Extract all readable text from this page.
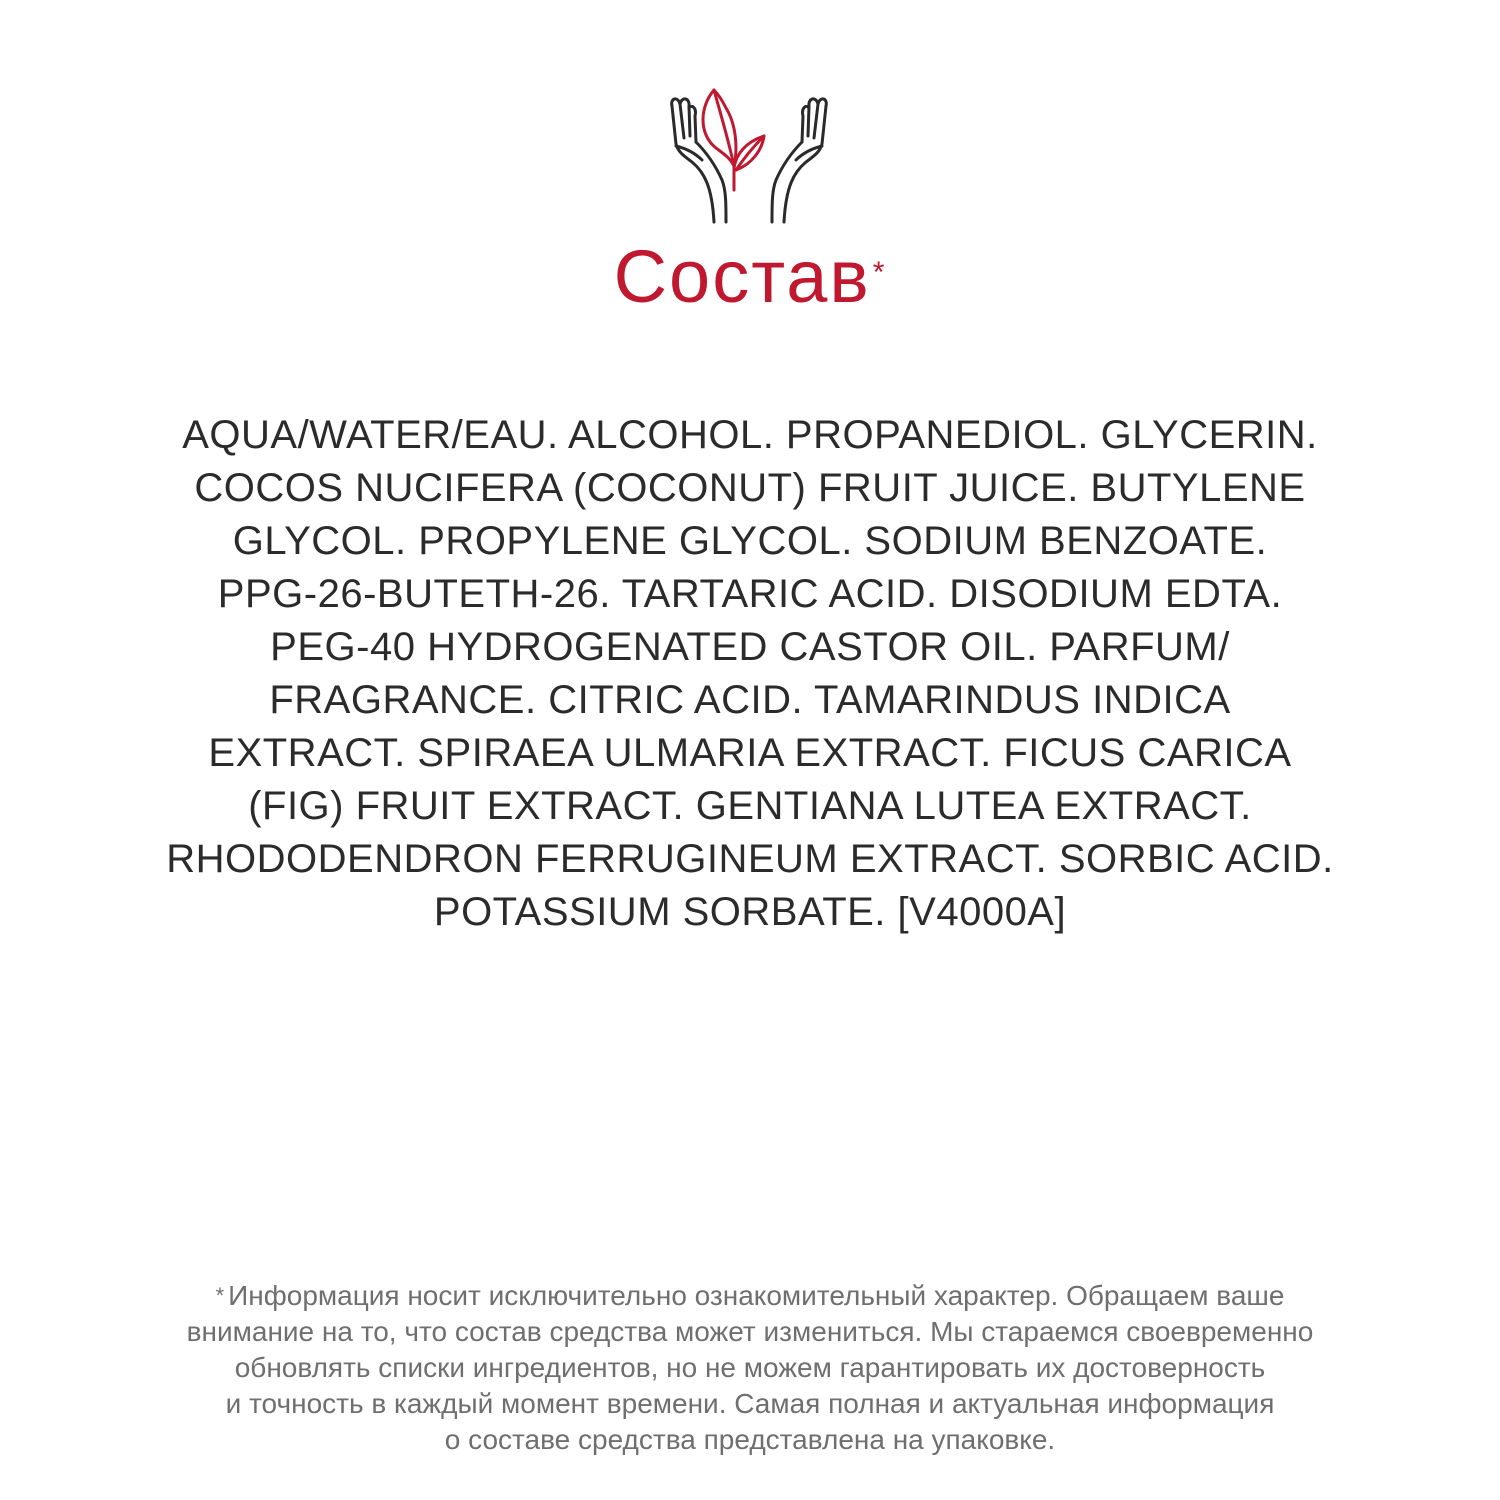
Состав*
AQUA/WATER/EAU. ALCOHOL. PROPANEDIOL. GLYCERIN.
COCOS NUCIFERA (COCONUT) FRUIT JUICE. BUTYLENE
GLYCOL. PROPYLENE GLYCOL. SODIUM BENZOATE.
PPG-26-BUTETH-26. TARTARIC ACID. DISODIUM EDTA.
PEG-40 HYDROGENATED CASTOR OIL. PARFUM/
FRAGRANCE. CITRIC ACID. TAMARINDUS INDICA
EXTRACT. SPIRAEA ULMARIA EXTRACT. FICUS CARICA
(FIG) FRUIT EXTRACT. GENTIANA LUTEA EXTRACT.
RHODODENDRON FERRUGINEUM EXTRACT. SORBIC ACID.
POTASSIUM SORBATE. [V4000A]
* Информация носит исключительно ознакомительный характер. Обращаем ваше
внимание на то, что состав средства может измениться. Мы стараемся своевременно
обновлять списки ингредиентов, но не можем гарантировать их достоверность
и точность в каждый момент времени. Самая полная и актуальная информация
о составе средства представлена на упаковке.
